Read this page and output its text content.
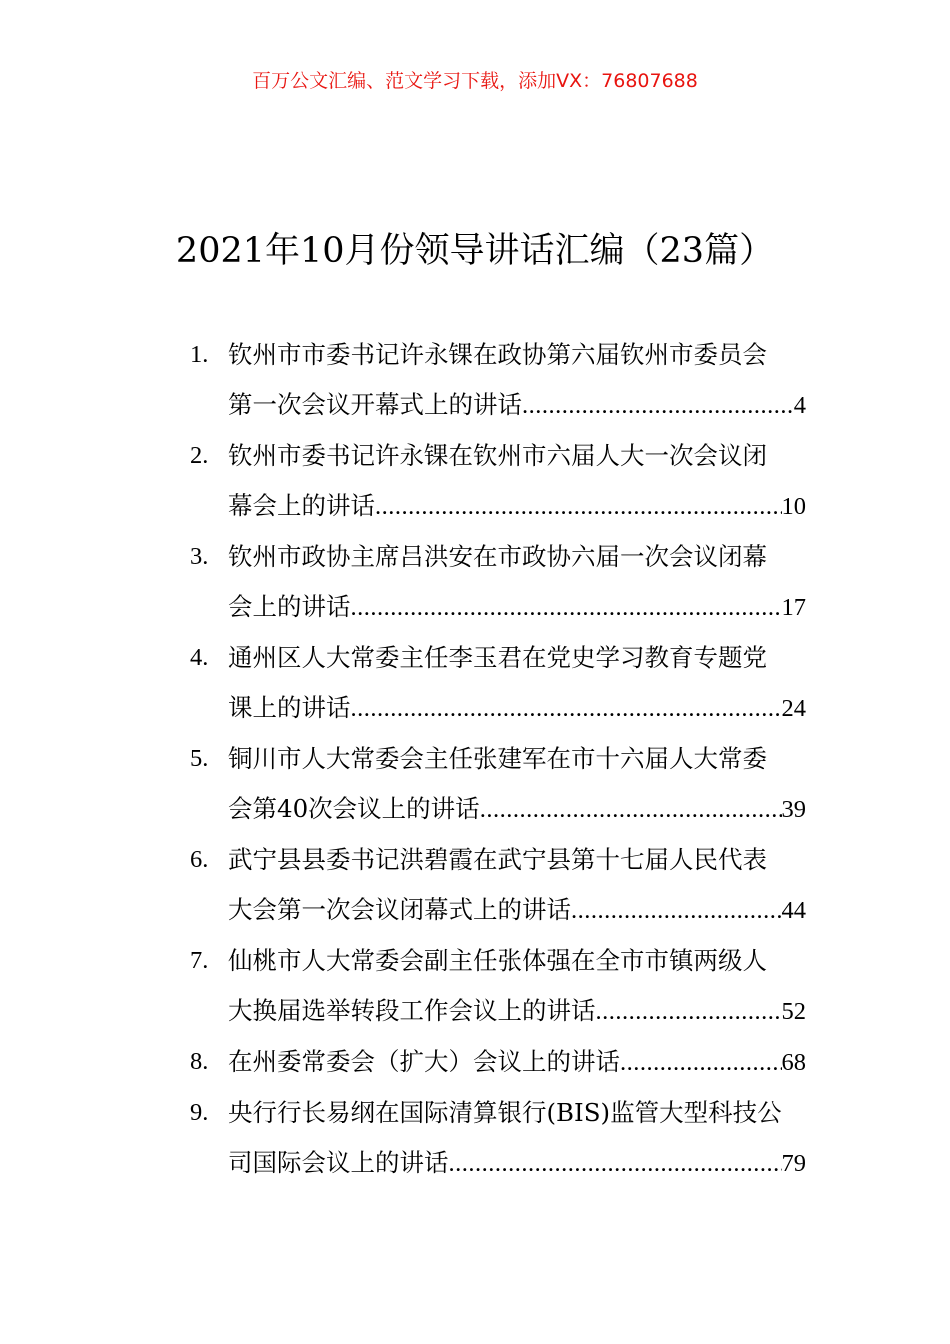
百万公文汇编、范文学习下载，添加VX：76807688
2021年10月份领导讲话汇编（23篇）
1. 钦州市市委书记许永锞在政协第六届钦州市委员会
第一次会议开幕式上的讲话 .....	4
2. 钦州市委书记许永锞在钦州市六届人大一次会议闭
幕会上的讲话 .....	10
3. 钦州市政协主席吕洪安在市政协六届一次会议闭幕
会上的讲话 .....	17
4. 通州区人大常委主任李玉君在党史学习教育专题党
课上的讲话 .....	24
5. 铜川市人大常委会主任张建军在市十六届人大常委
会第40次会议上的讲话 .....	39
6. 武宁县县委书记洪碧霞在武宁县第十七届人民代表
大会第一次会议闭幕式上的讲话 .....	44
7. 仙桃市人大常委会副主任张体强在全市市镇两级人
大换届选举转段工作会议上的讲话 .....	52
8. 在州委常委会（扩大）会议上的讲话 .....	68
9. 央行行长易纲在国际清算银行(BIS)监管大型科技公
司国际会议上的讲话 .....	79
